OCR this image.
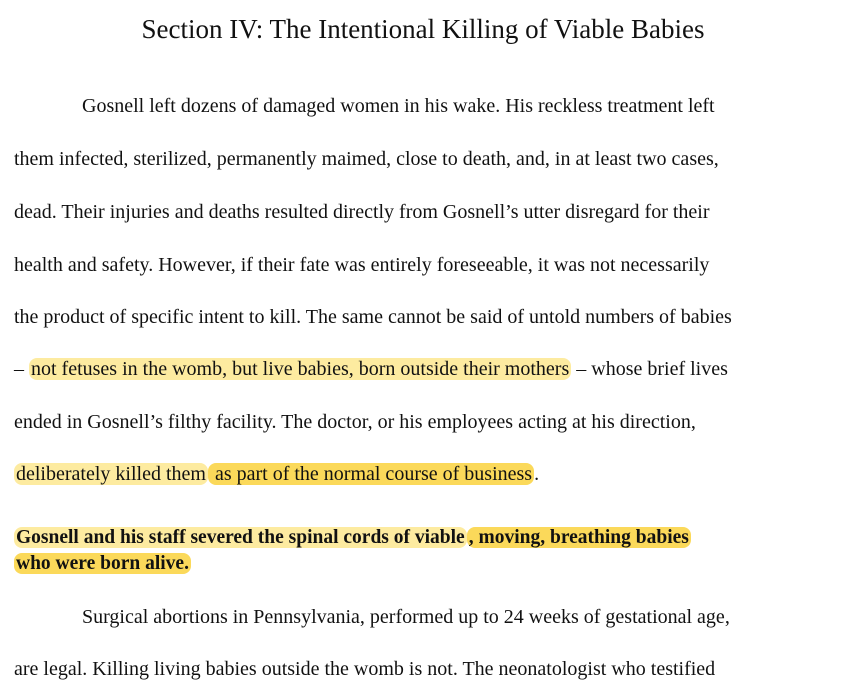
Section IV: The Intentional Killing of Viable Babies
Gosnell left dozens of damaged women in his wake. His reckless treatment left
them infected, sterilized, permanently maimed, close to death, and, in at least two cases,
dead. Their injuries and deaths resulted directly from Gosnell’s utter disregard for their
health and safety. However, if their fate was entirely foreseeable, it was not necessarily
the product of specific intent to kill. The same cannot be said of untold numbers of babies
– not fetuses in the womb, but live babies, born outside their mothers – whose brief lives
ended in Gosnell’s filthy facility. The doctor, or his employees acting at his direction,
deliberately killed them as part of the normal course of business .
Gosnell and his staff severed the spinal cords of viable , moving, breathing babies
who were born alive.
Surgical abortions in Pennsylvania, performed up to 24 weeks of gestational age,
are legal. Killing living babies outside the womb is not. The neonatologist who testified
